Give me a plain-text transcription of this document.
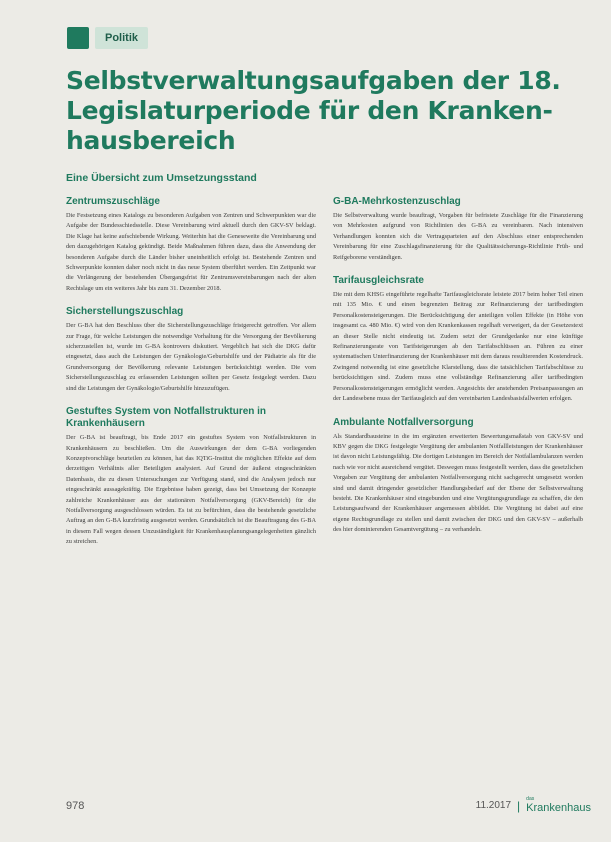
Politik
Selbstverwaltungsaufgaben der 18. Legislaturperiode für den Kranken-hausbereich
Eine Übersicht zum Umsetzungsstand
Zentrumszuschläge

Die Festsetzung eines Katalogs zu besonderen Aufgaben von Zentren und Schwerpunkten war die Aufgabe der Bundesschiedsstelle. Diese Vereinbarung wird aktuell durch den GKV-SV beklagt. Die Klage hat keine aufschiebende Wirkung. Weiterhin hat die Geneseweite die Vereinbarung und den dazugehörigen Katalog gekündigt. Beide Maßnahmen führen dazu, dass die Anwendung der besonderen Aufgabe durch die Länder bisher uneinheitlich erfolgt ist. Bestehende Zentren und Schwerpunkte konnten daher noch nicht in das neue System überführt werden. Ein Zeitpunkt war die Verlängerung der bestehenden Übergangsfrist für Zentrumsvereinbarungen nach der alten Rechtslage um ein weiteres Jahr bis zum 31. Dezember 2018.

Sicherstellungszuschlag

Der G-BA hat den Beschluss über die Sicherstellungszuschläge fristgerecht getroffen. Vor allem zur Frage, für welche Leistungen die notwendige Vorhaltung für die Versorgung der Bevölkerung sicherzustellen ist, wurde im G-BA kontrovers diskutiert. Vergeblich hat sich die DKG dafür eingesetzt, dass auch die Leistungen der Gynäkologie/Geburtshilfe und der Pädiatrie als für die Grundversorgung der Bevölkerung relevante Leistungen berücksichtigt werden. Die vom Sicherstellungszuschlag zu erfassenden Leistungen sollten per Gesetz festgelegt werden. Dazu sind die Leistungen der Gynäkologie/Geburtshilfe hinzuzufügen.

Gestuftes System von Notfallstrukturen in Krankenhäusern

Der G-BA ist beauftragt, bis Ende 2017 ein gestuftes System von Notfallstrukturen in Krankenhäusern zu beschließen. Um die Auswirkungen der dem G-BA vorliegenden Konzeptvorschläge beurteilen zu können, hat das IQTiG-Institut die möglichen Effekte auf dem derzeitigen Verhältnis aller Beteiligten analysiert. Auf Grund der äußerst eingeschränkten Datenbasis, die zu diesen Untersuchungen zur Verfügung stand, sind die Analysen jedoch nur eingeschränkt aussagekräftig. Die Ergebnisse haben gezeigt, dass bei Umsetzung der Konzepte zahlreiche Krankenhäuser aus der stationären Notfallversorgung (GKV-Bereich) für die Notfallversorgung ausgeschlossen würden. Es ist zu befürchten, dass die bestehende gesetzliche Auftrag an den G-BA kurzfristig ausgesetzt werden. Grundsätzlich ist die Beauftragung des G-BA in diesem Fall wegen dessen Unzuständigkeit für Krankenhausplanungsangelegenheiten gänzlich zu streichen.

G-BA-Mehrkostenzuschlag

Die Selbstverwaltung wurde beauftragt, Vorgaben für befristete Zuschläge für die Finanzierung von Mehrkosten aufgrund von Richtlinien des G-BA zu vereinbaren. Nach intensiven Verhandlungen konnten sich die Vertragsparteien auf den Abschluss einer entsprechenden Vereinbarung für eine Zuschlagsfinanzierung für die Qualitätssicherungs-Richtlinie Früh- und Reifgeborene verständigen.

Tarifausgleichsrate

Die mit dem KHSG eingeführte regelhafte Tarifausgleichsrate leistete 2017 beim hoher Teil einen mit 135 Mio. € und einen begrenzten Beitrag zur Refinanzierung der tarifbedingten Personalkostensteigerungen. Die Berücksichtigung der anteiligen vollen Effekte (in Höhe von insgesamt ca. 480 Mio. €) wird von den Krankenkassen regelhaft verweigert, da der Gesetzestext an dieser Stelle nicht eindeutig ist. Zudem setzt der Grundgedanke nur eine künftige Refinanzierungsrate von Tarifsteigerungen ab den Tarifabschlüssen an. Führen zu einer systematischen Unterfinanzierung der Krankenhäuser mit dem daraus resultierenden Kostendruck. Zwingend notwendig ist eine gesetzliche Klarstellung, dass die tatsächlichen Tarifabschlüsse zu berücksichtigen sind. Zudem muss eine vollständige Refinanzierung aller tarifbedingten Personalkostensteigerungen ermöglicht werden. Angesichts der anstehenden Preisanpassungen an der Landesebene muss der Tarifausgleich auf den vereinbarten Landesbasisfallwerten erfolgen.

Ambulante Notfallversorgung

Als Standardbausteine in die im ergänzten erweiterten Bewertungsmaßstab von GKV-SV und KBV gegen die DKG festgelegte Vergütung der ambulanten Notfallleistungen der Krankenhäuser ist davon nicht Leistungsfähig. Die dortigen Leistungen im Bereich der Notfallambulanzen werden nach wie vor nicht ausreichend vergütet. Deswegen muss festgestellt werden, dass die gesetzlichen Vorgaben zur Vergütung der ambulanten Notfallversorgung nicht sachgerecht umgesetzt worden sind und damit dringender gesetzlicher Handlungsbedarf auf der Ebene der Selbstverwaltung besteht. Die Krankenhäuser sind eingebunden und eine Vergütungsgrundlage zu schaffen, die den Leistungsaufwand der Krankenhäuser angemessen abbildet. Die Vergütung ist dabei auf eine eigene Rechtsgrundlage zu stellen und damit zwischen der DKG und den GKV-SV – außerhalb des hier dominierenden Gesamtvergütung – zu verhandeln.

978	11.2017 | das
Krankenhaus
